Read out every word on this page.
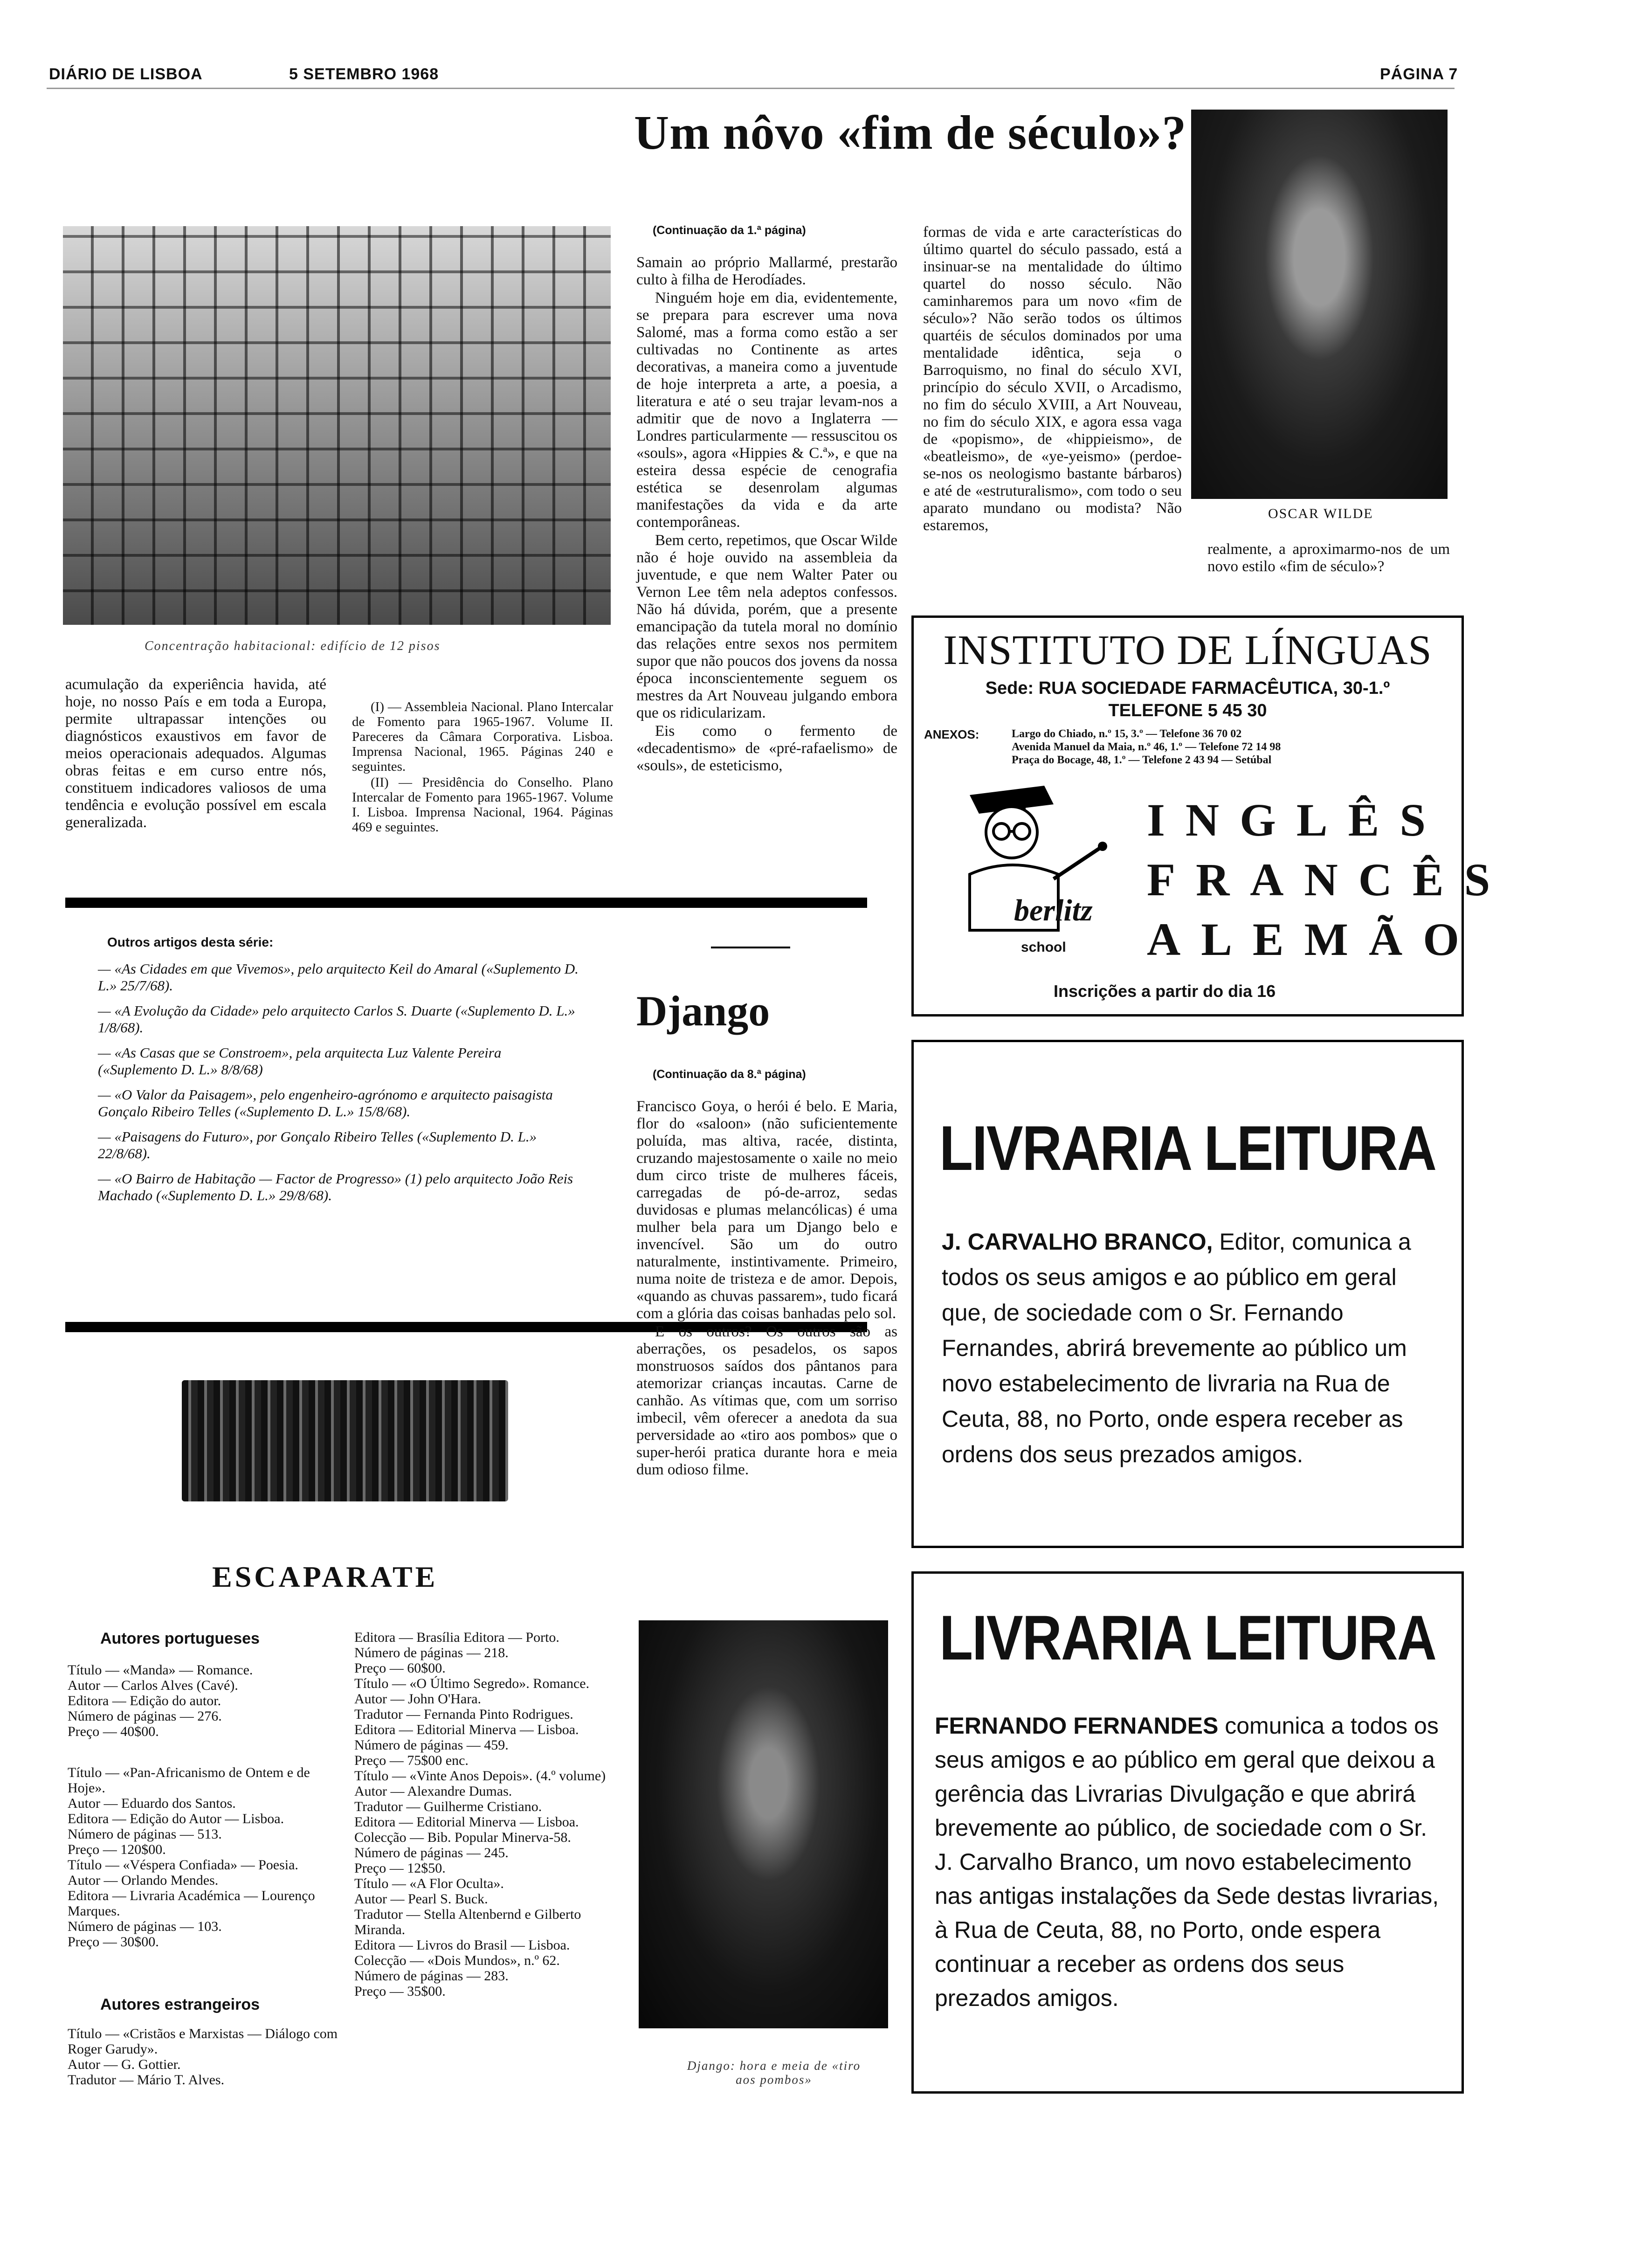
DIÁRIO DE LISBOA	5 SETEMBRO 1968	PÁGINA 7
Um nôvo «fim de século»?
Concentração habitacional: edifício de 12 pisos

acumulação da experiência havida, até hoje, no nosso País e em toda a Europa, permite ultrapassar intenções ou diagnósticos exaustivos em favor de meios operacionais adequados. Algumas obras feitas e em curso entre nós, constituem indicadores valiosos de uma tendência e evolução possível em escala generalizada.

(I) — Assembleia Nacional. Plano Intercalar de Fomento para 1965-1967. Volume II. Pareceres da Câmara Corporativa. Lisboa. Imprensa Nacional, 1965. Páginas 240 e seguintes.

(II) — Presidência do Conselho. Plano Intercalar de Fomento para 1965-1967. Volume I. Lisboa. Imprensa Nacional, 1964. Páginas 469 e seguintes.

Outros artigos desta série:
— «As Cidades em que Vivemos», pelo arquitecto Keil do Amaral («Suplemento D. L.» 25/7/68).
— «A Evolução da Cidade» pelo arquitecto Carlos S. Duarte («Suplemento D. L.» 1/8/68).
— «As Casas que se Constroem», pela arquitecta Luz Valente Pereira («Suplemento D. L.» 8/8/68)
— «O Valor da Paisagem», pelo engenheiro-agrónomo e arquitecto paisagista Gonçalo Ribeiro Telles («Suplemento D. L.» 15/8/68).
— «Paisagens do Futuro», por Gonçalo Ribeiro Telles («Suplemento D. L.» 22/8/68).
— «O Bairro de Habitação — Factor de Progresso» (1) pelo arquitecto João Reis Machado («Suplemento D. L.» 29/8/68).
ESCAPARATE
Autores portugueses
Título — «Manda» — Romance.
Autor — Carlos Alves (Cavé).
Editora — Edição do autor.
Número de páginas — 276.
Preço — 40$00.
Título — «Pan-Africanismo de Ontem e de Hoje».
Autor — Eduardo dos Santos.
Editora — Edição do Autor — Lisboa.
Número de páginas — 513.
Preço — 120$00.
Título — «Véspera Confiada» — Poesia.
Autor — Orlando Mendes.
Editora — Livraria Académica — Lourenço Marques.
Número de páginas — 103.
Preço — 30$00.
Autores estrangeiros
Título — «Cristãos e Marxistas — Diálogo com Roger Garudy».
Autor — G. Gottier.
Tradutor — Mário T. Alves.
Editora — Brasília Editora — Porto.
Número de páginas — 218.
Preço — 60$00.
Título — «O Último Segredo». Romance.
Autor — John O'Hara.
Tradutor — Fernanda Pinto Rodrigues.
Editora — Editorial Minerva — Lisboa.
Número de páginas — 459.
Preço — 75$00 enc.
Título — «Vinte Anos Depois». (4.º volume)
Autor — Alexandre Dumas.
Tradutor — Guilherme Cristiano.
Editora — Editorial Minerva — Lisboa.
Colecção — Bib. Popular Minerva-58.
Número de páginas — 245.
Preço — 12$50.
Título — «A Flor Oculta».
Autor — Pearl S. Buck.
Tradutor — Stella Altenbernd e Gilberto Miranda.
Editora — Livros do Brasil — Lisboa.
Colecção — «Dois Mundos», n.º 62.
Número de páginas — 283.
Preço — 35$00.
(Continuação da 1.ª página)

Samain ao próprio Mallarmé, prestarão culto à filha de Herodíades.

Ninguém hoje em dia, evidentemente, se prepara para escrever uma nova Salomé, mas a forma como estão a ser cultivadas no Continente as artes decorativas, a maneira como a juventude de hoje interpreta a arte, a poesia, a literatura e até o seu trajar levam-nos a admitir que de novo a Inglaterra — Londres particularmente — ressuscitou os «souls», agora «Hippies & C.ª», e que na esteira dessa espécie de cenografia estética se desenrolam algumas manifestações da vida e da arte contemporâneas.

Bem certo, repetimos, que Oscar Wilde não é hoje ouvido na assembleia da juventude, e que nem Walter Pater ou Vernon Lee têm nela adeptos confessos. Não há dúvida, porém, que a presente emancipação da tutela moral no domínio das relações entre sexos nos permitem supor que não poucos dos jovens da nossa época inconscientemente seguem os mestres da Art Nouveau julgando embora que os ridicularizam.

Eis como o fermento de «decadentismo» de «pré-rafaelismo» de «souls», de esteticismo,

formas de vida e arte características do último quartel do século passado, está a insinuar-se na mentalidade do último quartel do nosso século. Não caminharemos para um novo «fim de século»? Não serão todos os últimos quartéis de séculos dominados por uma mentalidade idêntica, seja o Barroquismo, no final do século XVI, princípio do século XVII, o Arcadismo, no fim do século XVIII, a Art Nouveau, no fim do século XIX, e agora essa vaga de «popismo», de «hippieismo», de «beatleismo», de «ye-yeismo» (perdoe-se-nos os neologismo bastante bárbaros) e até de «estruturalismo», com todo o seu aparato mundano ou modista? Não estaremos,

OSCAR WILDE

realmente, a aproximarmo-nos de um novo estilo «fim de século»?

Django
(Continuação da 8.ª página)

Francisco Goya, o herói é belo. E Maria, flor do «saloon» (não suficientemente poluída, mas altiva, racée, distinta, cruzando majestosamente o xaile no meio dum circo triste de mulheres fáceis, carregadas de pó-de-arroz, sedas duvidosas e plumas melancólicas) é uma mulher bela para um Django belo e invencível. São um do outro naturalmente, instintivamente. Primeiro, numa noite de tristeza e de amor. Depois, «quando as chuvas passarem», tudo ficará com a glória das coisas banhadas pelo sol.

E os outros? Os outros são as aberrações, os pesadelos, os sapos monstruosos saídos dos pântanos para atemorizar crianças incautas. Carne de canhão. As vítimas que, com um sorriso imbecil, vêm oferecer a anedota da sua perversidade ao «tiro aos pombos» que o super-herói pratica durante hora e meia dum odioso filme.

Django: hora e meia de «tiro aos pombos»
INSTITUTO DE LÍNGUAS
Sede: RUA SOCIEDADE FARMACÊUTICA, 30-1.º
TELEFONE 5 45 30
ANEXOS:	Largo do Chiado, n.º 15, 3.º — Telefone 36 70 02
Avenida Manuel da Maia, n.º 46, 1.º — Telefone 72 14 98
Praça do Bocage, 48, 1.º — Telefone 2 43 94 — Setúbal
berlitz
school
INGLÊS
FRANCÊS
ALEMÃO
Inscrições a partir do dia 16
LIVRARIA LEITURA
J. CARVALHO BRANCO, Editor, comunica a todos os seus amigos e ao público em geral que, de sociedade com o Sr. Fernando Fernandes, abrirá brevemente ao público um novo estabelecimento de livraria na Rua de Ceuta, 88, no Porto, onde espera receber as ordens dos seus prezados amigos.
LIVRARIA LEITURA
FERNANDO FERNANDES comunica a todos os seus amigos e ao público em geral que deixou a gerência das Livrarias Divulgação e que abrirá brevemente ao público, de sociedade com o Sr. J. Carvalho Branco, um novo estabelecimento nas antigas instalações da Sede destas livrarias, à Rua de Ceuta, 88, no Porto, onde espera continuar a receber as ordens dos seus prezados amigos.
